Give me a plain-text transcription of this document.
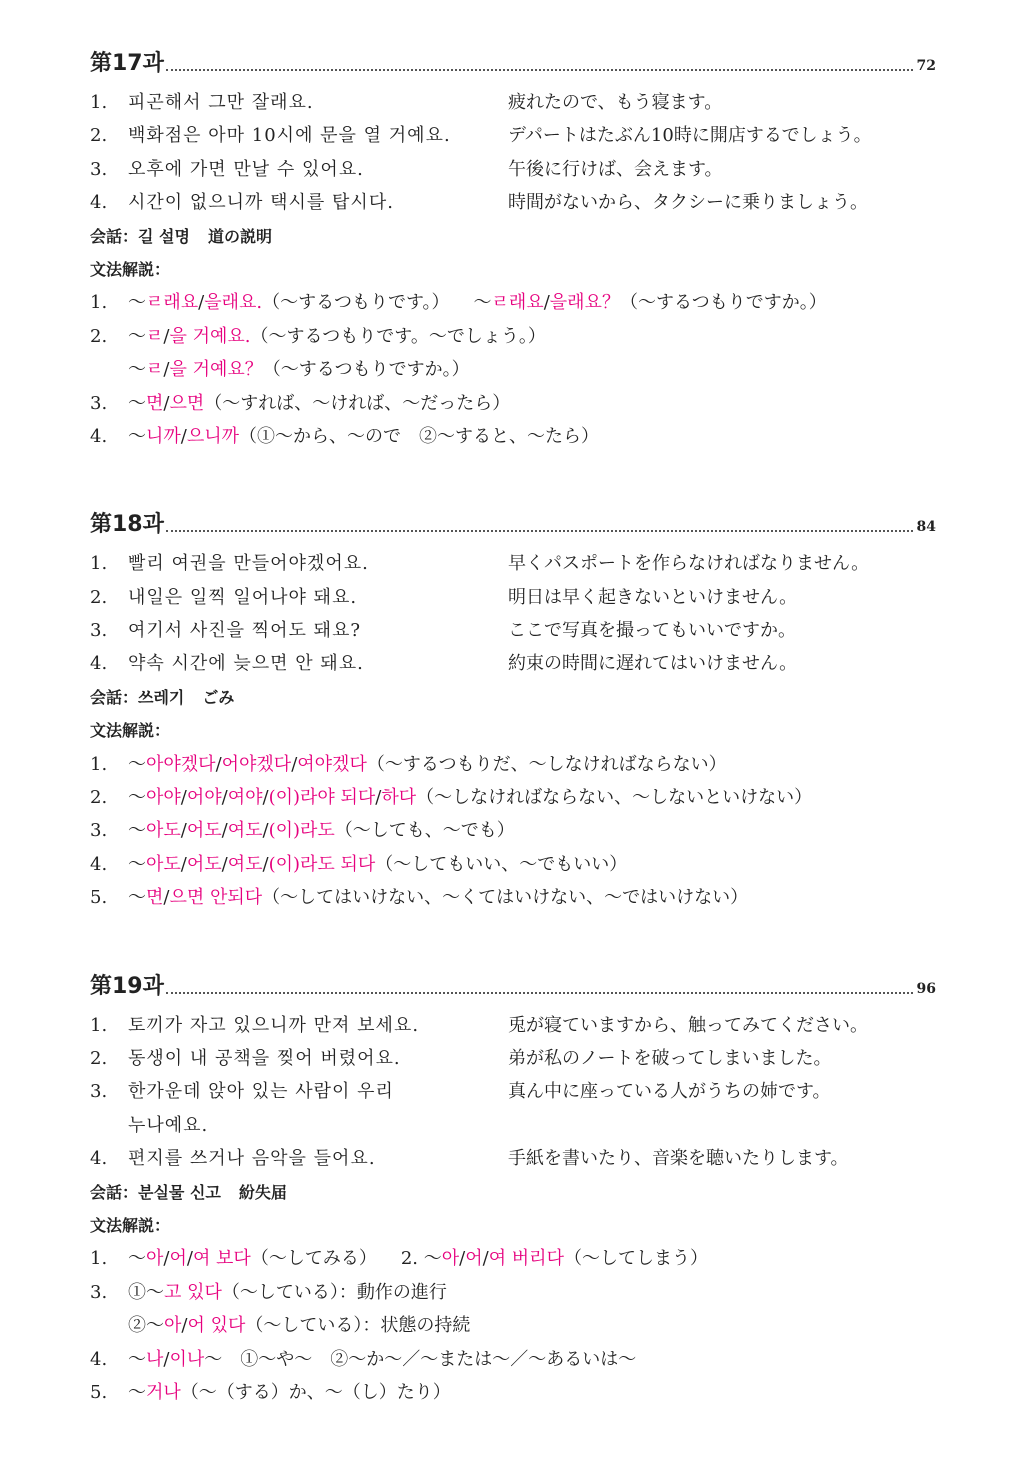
第17과	72
1. 피곤해서 그만 잘래요.	疲れたので、もう寝ます。
2. 백화점은 아마 10시에 문을 열 거예요.	デパートはたぶん10時に開店するでしょう。
3. 오후에 가면 만날 수 있어요.	午後に行けば、会えます。
4. 시간이 없으니까 택시를 탑시다.	時間がないから、タクシーに乗りましょう。
会話：길 설명 道の説明
文法解説：
1. ～ㄹ래요/을래요.（～するつもりです。） ～ㄹ래요/을래요？（～するつもりですか。）
2. ～ㄹ/을 거예요.（～するつもりです。～でしょう。）
～ㄹ/을 거예요？（～するつもりですか。）
3. ～면/으면（～すれば、～ければ、～だったら）
4. ～니까/으니까（①～から、～ので　②～すると、～たら）
第18과	84
1. 빨리 여권을 만들어야겠어요.	早くパスポートを作らなければなりません。
2. 내일은 일찍 일어나야 돼요.	明日は早く起きないといけません。
3. 여기서 사진을 찍어도 돼요?	ここで写真を撮ってもいいですか。
4. 약속 시간에 늦으면 안 돼요.	約束の時間に遅れてはいけません。
会話：쓰레기 ごみ
文法解説：
1. ～아야겠다/어야겠다/여야겠다（～するつもりだ、～しなければならない）
2. ～아야/어야/여야/(이)라야 되다/하다（～しなければならない、～しないといけない）
3. ～아도/어도/여도/(이)라도（～しても、～でも）
4. ～아도/어도/여도/(이)라도 되다（～してもいい、～でもいい）
5. ～면/으면 안되다（～してはいけない、～くてはいけない、～ではいけない）
第19과	96
1. 토끼가 자고 있으니까 만져 보세요.	兎が寝ていますから、触ってみてください。
2. 동생이 내 공책을 찢어 버렸어요.	弟が私のノートを破ってしまいました。
3. 한가운데 앉아 있는 사람이 우리	真ん中に座っている人がうちの姉です。
누나예요.
4. 편지를 쓰거나 음악을 들어요.	手紙を書いたり、音楽を聴いたりします。
会話：분실물 신고 紛失届
文法解説：
1. ～아/어/여 보다（～してみる） 2. ～아/어/여 버리다（～してしまう）
3. ①～고 있다（～している）：動作の進行
②～아/어 있다（～している）：状態の持続
4. ～나/이나～　①～や～　②～か～／～または～／～あるいは～
5. ～거나（～（する）か、～（し）たり）
